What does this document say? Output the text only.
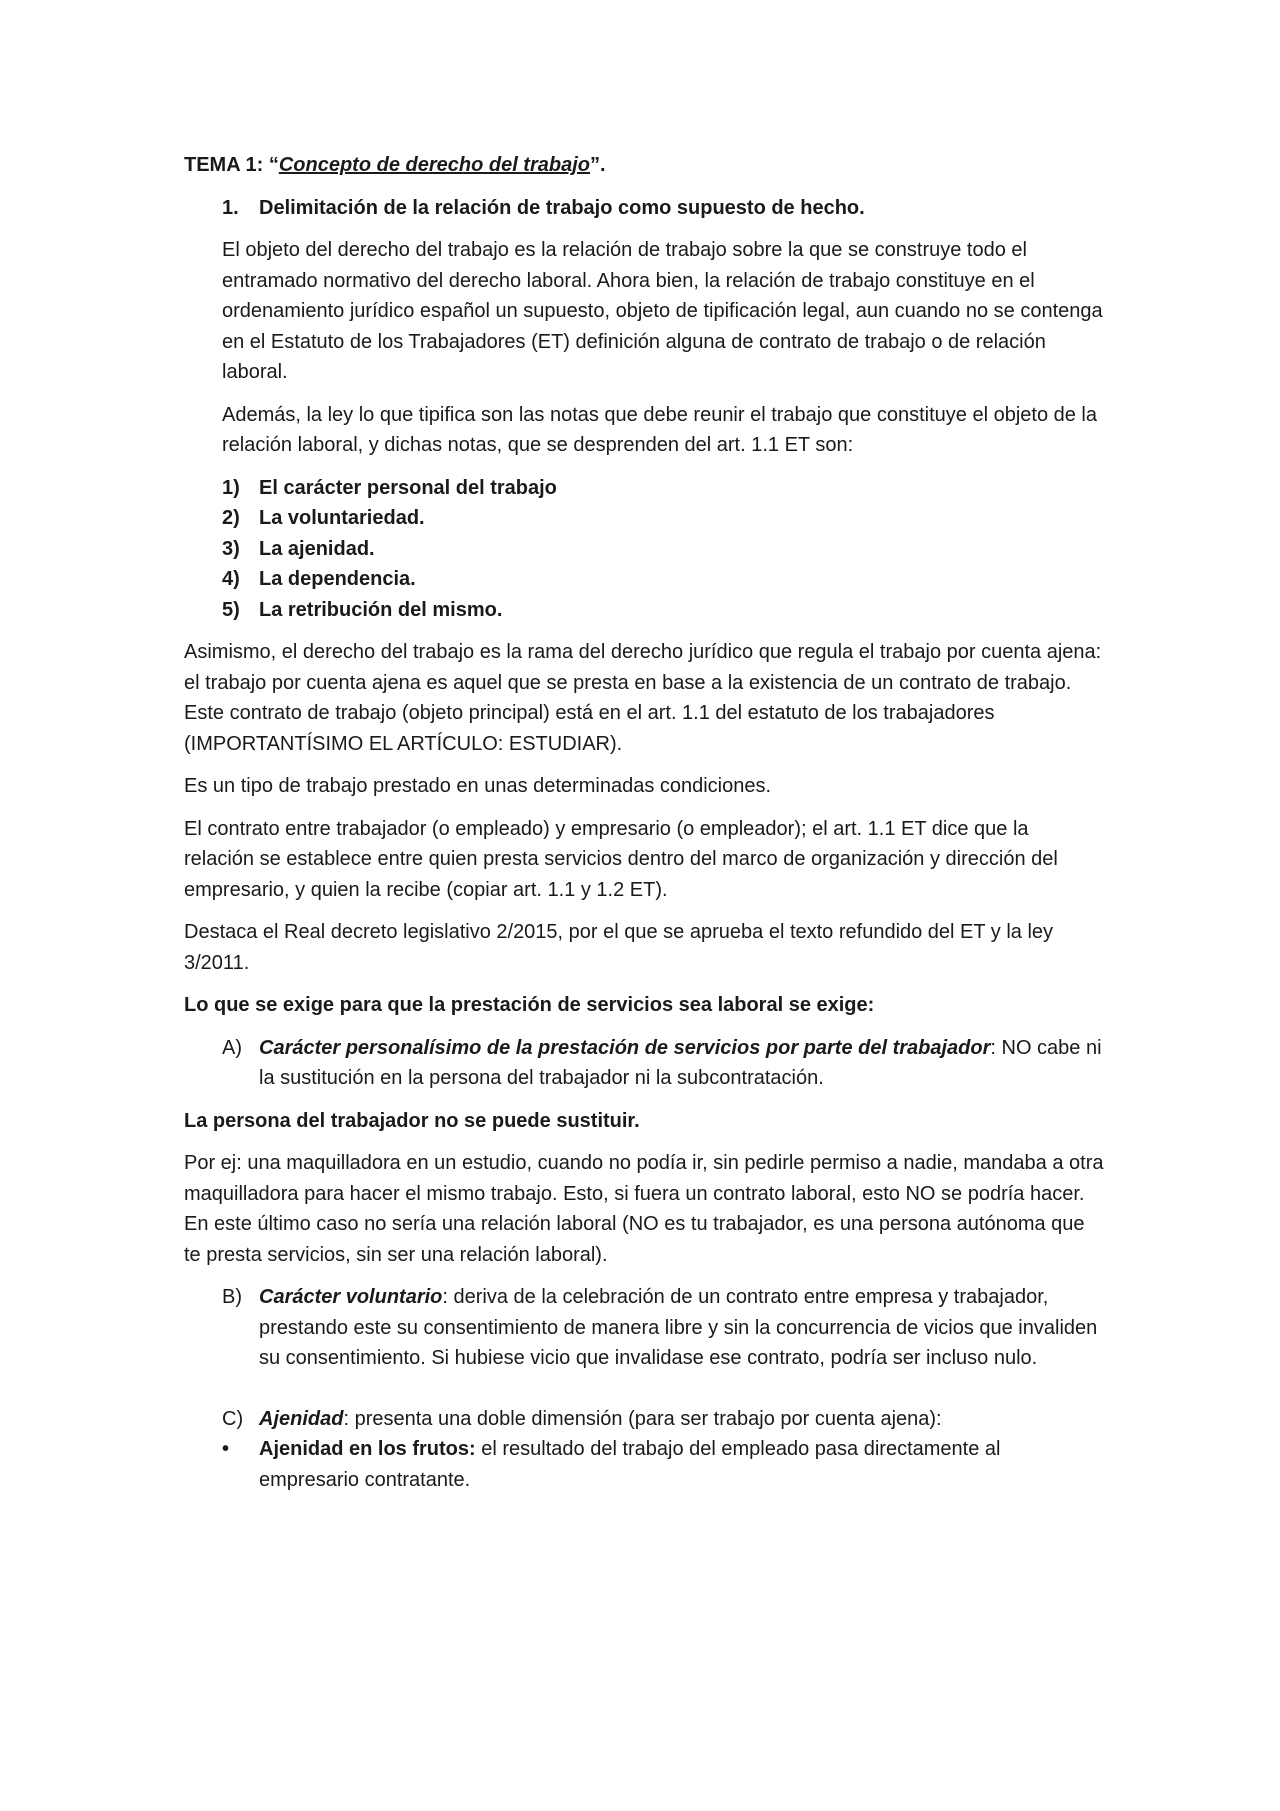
TEMA 1: “Concepto de derecho del trabajo”.
1.	Delimitación de la relación de trabajo como supuesto de hecho.

El objeto del derecho del trabajo es la relación de trabajo sobre la que se construye todo el entramado normativo del derecho laboral. Ahora bien, la relación de trabajo constituye en el ordenamiento jurídico español un supuesto, objeto de tipificación legal, aun cuando no se contenga en el Estatuto de los Trabajadores (ET) definición alguna de contrato de trabajo o de relación laboral.

Además, la ley lo que tipifica son las notas que debe reunir el trabajo que constituye el objeto de la relación laboral, y dichas notas, que se desprenden del art. 1.1 ET son:

1) El carácter personal del trabajo
2) La voluntariedad.
3) La ajenidad.
4) La dependencia.
5) La retribución del mismo.

Asimismo, el derecho del trabajo es la rama del derecho jurídico que regula el trabajo por cuenta ajena: el trabajo por cuenta ajena es aquel que se presta en base a la existencia de un contrato de trabajo. Este contrato de trabajo (objeto principal) está en el art. 1.1 del estatuto de los trabajadores (IMPORTANTÍSIMO EL ARTÍCULO: ESTUDIAR).

Es un tipo de trabajo prestado en unas determinadas condiciones.

El contrato entre trabajador (o empleado) y empresario (o empleador); el art. 1.1 ET dice que la relación se establece entre quien presta servicios dentro del marco de organización y dirección del empresario, y quien la recibe (copiar art. 1.1 y 1.2 ET).

Destaca el Real decreto legislativo 2/2015, por el que se aprueba el texto refundido del ET y la ley 3/2011.

Lo que se exige para que la prestación de servicios sea laboral se exige:

A) Carácter personalísimo de la prestación de servicios por parte del trabajador: NO cabe ni la sustitución en la persona del trabajador ni la subcontratación.

La persona del trabajador no se puede sustituir.

Por ej: una maquilladora en un estudio, cuando no podía ir, sin pedirle permiso a nadie, mandaba a otra maquilladora para hacer el mismo trabajo. Esto, si fuera un contrato laboral, esto NO se podría hacer. En este último caso no sería una relación laboral (NO es tu trabajador, es una persona autónoma que te presta servicios, sin ser una relación laboral).

B) Carácter voluntario: deriva de la celebración de un contrato entre empresa y trabajador, prestando este su consentimiento de manera libre y sin la concurrencia de vicios que invaliden su consentimiento. Si hubiese vicio que invalidase ese contrato, podría ser incluso nulo.
C) Ajenidad: presenta una doble dimensión (para ser trabajo por cuenta ajena):
•	Ajenidad en los frutos: el resultado del trabajo del empleado pasa directamente al empresario contratante.
